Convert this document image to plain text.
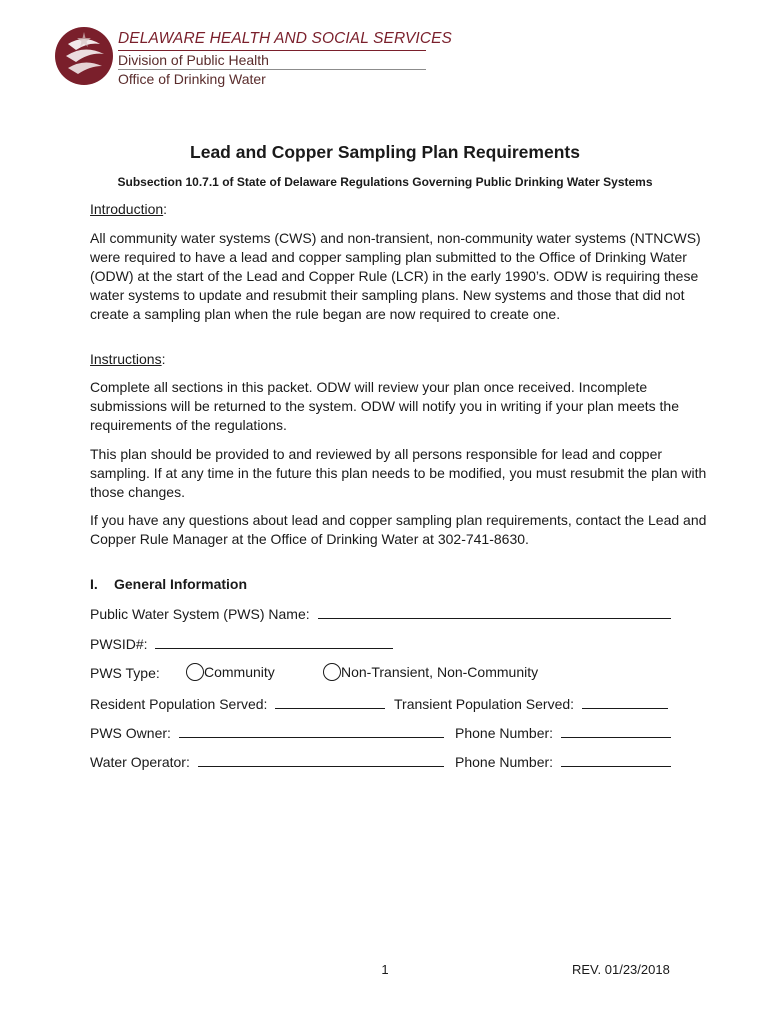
DELAWARE HEALTH AND SOCIAL SERVICES
Division of Public Health
Office of Drinking Water
Lead and Copper Sampling Plan Requirements
Subsection 10.7.1 of State of Delaware Regulations Governing Public Drinking Water Systems
Introduction:
All community water systems (CWS) and non-transient, non-community water systems (NTNCWS) were required to have a lead and copper sampling plan submitted to the Office of Drinking Water (ODW) at the start of the Lead and Copper Rule (LCR) in the early 1990’s. ODW is requiring these water systems to update and resubmit their sampling plans. New systems and those that did not create a sampling plan when the rule began are now required to create one.
Instructions:
Complete all sections in this packet. ODW will review your plan once received. Incomplete submissions will be returned to the system. ODW will notify you in writing if your plan meets the requirements of the regulations.
This plan should be provided to and reviewed by all persons responsible for lead and copper sampling. If at any time in the future this plan needs to be modified, you must resubmit the plan with those changes.
If you have any questions about lead and copper sampling plan requirements, contact the Lead and Copper Rule Manager at the Office of Drinking Water at 302-741-8630.
I. General Information
Public Water System (PWS) Name:
PWSID#:
PWS Type:	Community	Non-Transient, Non-Community
Resident Population Served:	Transient Population Served:
PWS Owner:	Phone Number:
Water Operator:	Phone Number:
1	REV. 01/23/2018
